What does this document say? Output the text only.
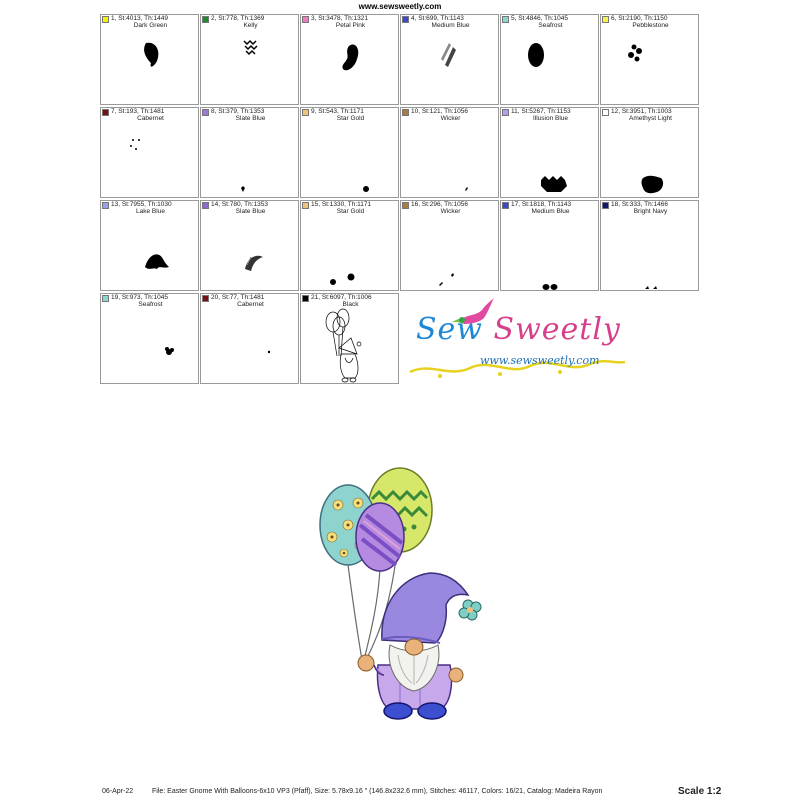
www.sewsweetly.com
1, St:4013, Th:1449
Dark Green
2, St:778, Th:1369
Kelly
3, St:3478, Th:1321
Petal Pink
4, St:699, Th:1143
Medium Blue
5, St:4846, Th:1045
Seafrost
6, St:2190, Th:1150
Pebblestone
7, St:193, Th:1481
Cabernet
8, St:379, Th:1353
Slate Blue
9, St:543, Th:1171
Star Gold
10, St:121, Th:1056
Wicker
11, St:5267, Th:1153
Illusion Blue
12, St:3951, Th:1003
Amethyst Light
13, St:7955, Th:1030
Lake Blue
14, St:780, Th:1353
Slate Blue
15, St:1330, Th:1171
Star Gold
16, St:296, Th:1056
Wicker
17, St:1818, Th:1143
Medium Blue
18, St:333, Th:1466
Bright Navy
19, St:973, Th:1045
Seafrost
20, St:77, Th:1481
Cabernet
21, St:6097, Th:1006
Black
Sew Sweetly
www.sewsweetly.com
06-Apr-22	File: Easter Gnome With Balloons-6x10 VP3 (Pfaff), Size: 5.78x9.16 " (146.8x232.6 mm), Stitches: 46117, Colors: 16/21, Catalog: Madeira Rayon	Scale 1:2
